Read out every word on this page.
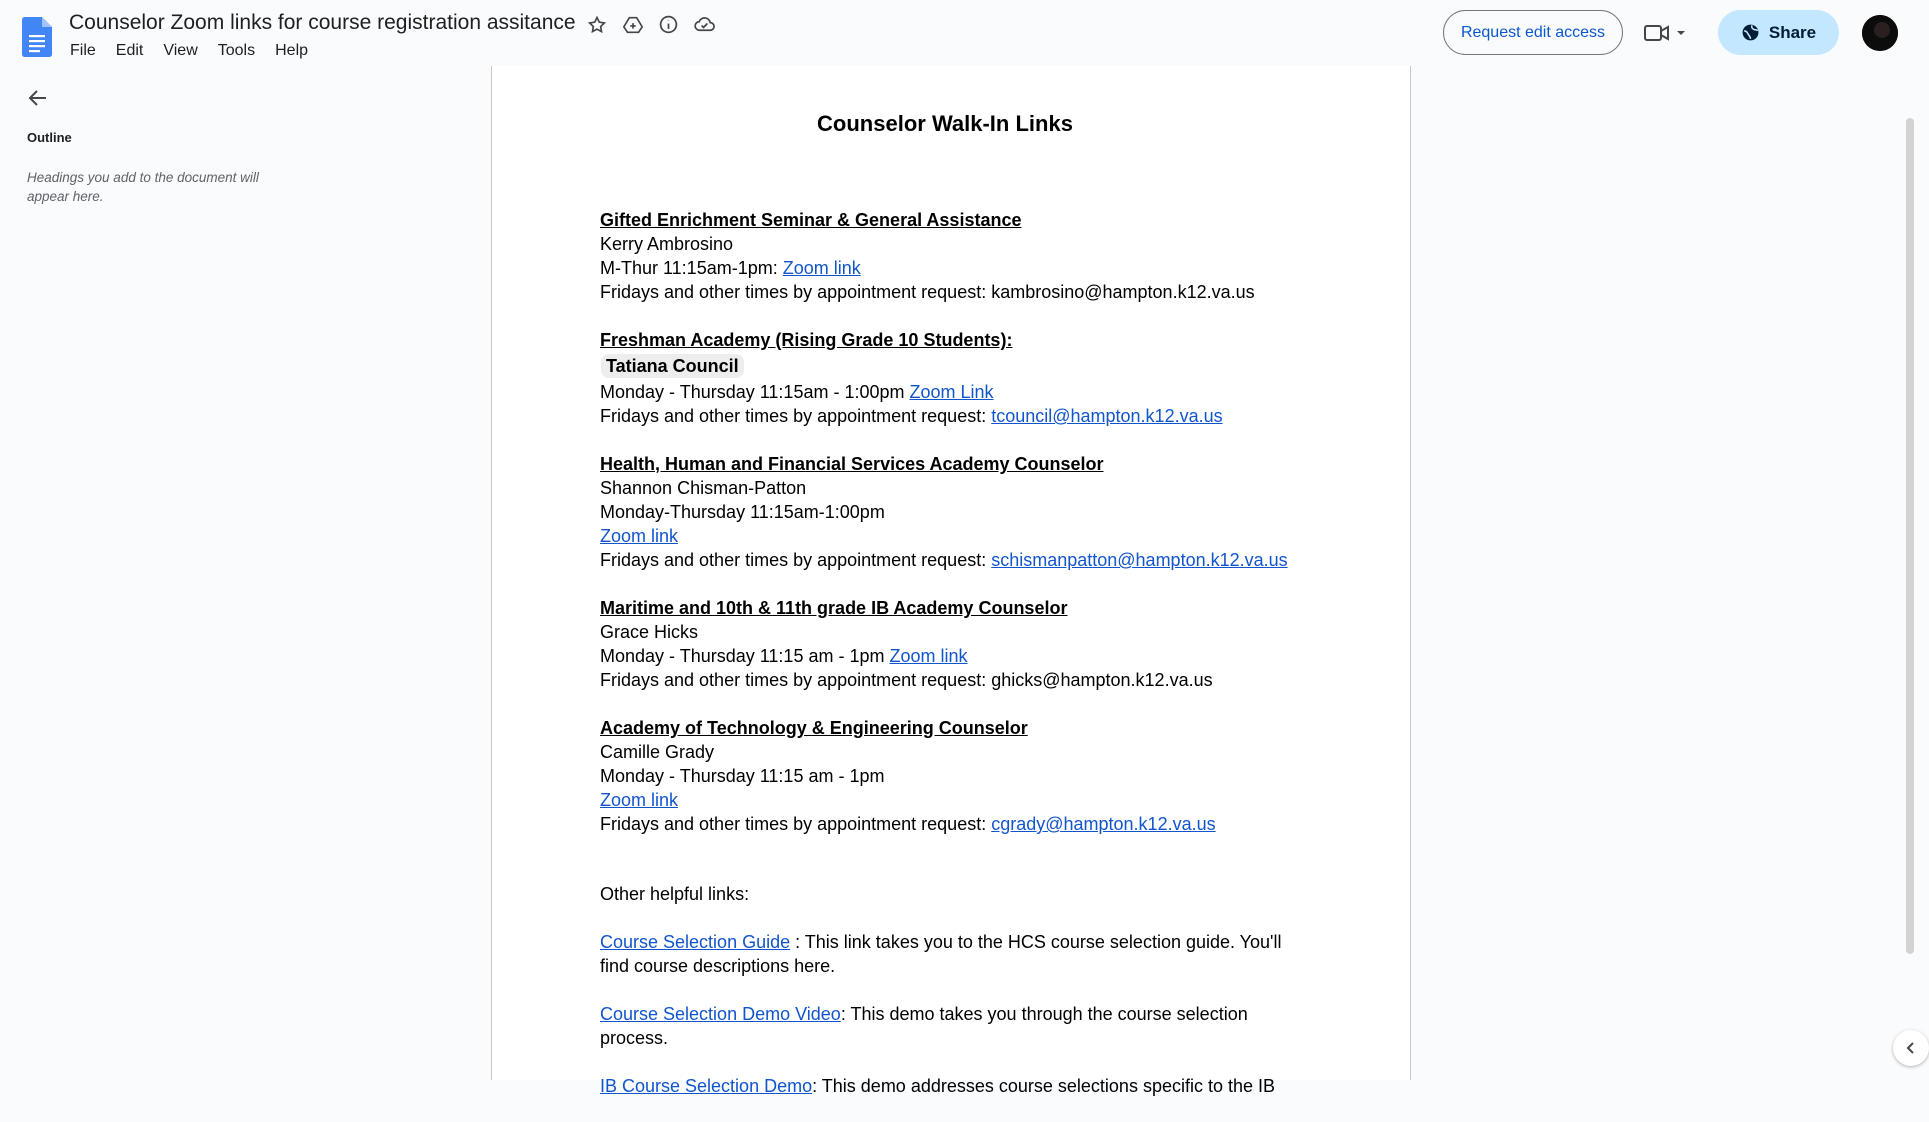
Counselor Zoom links for course registration assitance
File	Edit	View	Tools	Help
Request edit access	Share
Outline
Headings you add to the document will appear here.
Counselor Walk-In Links
Gifted Enrichment Seminar & General Assistance
Kerry Ambrosino
M-Thur 11:15am-1pm: Zoom link
Fridays and other times by appointment request: kambrosino@hampton.k12.va.us
Freshman Academy (Rising Grade 10 Students):
Tatiana Council
Monday - Thursday 11:15am - 1:00pm Zoom Link
Fridays and other times by appointment request: tcouncil@hampton.k12.va.us
Health, Human and Financial Services Academy Counselor
Shannon Chisman-Patton
Monday-Thursday 11:15am-1:00pm
Zoom link
Fridays and other times by appointment request: schismanpatton@hampton.k12.va.us
Maritime and 10th & 11th grade IB Academy Counselor
Grace Hicks
Monday - Thursday 11:15 am - 1pm Zoom link
Fridays and other times by appointment request: ghicks@hampton.k12.va.us
Academy of Technology & Engineering Counselor
Camille Grady
Monday - Thursday 11:15 am - 1pm
Zoom link
Fridays and other times by appointment request: cgrady@hampton.k12.va.us
Other helpful links:
Course Selection Guide : This link takes you to the HCS course selection guide. You'll find course descriptions here.
Course Selection Demo Video: This demo takes you through the course selection process.
IB Course Selection Demo: This demo addresses course selections specific to the IB
